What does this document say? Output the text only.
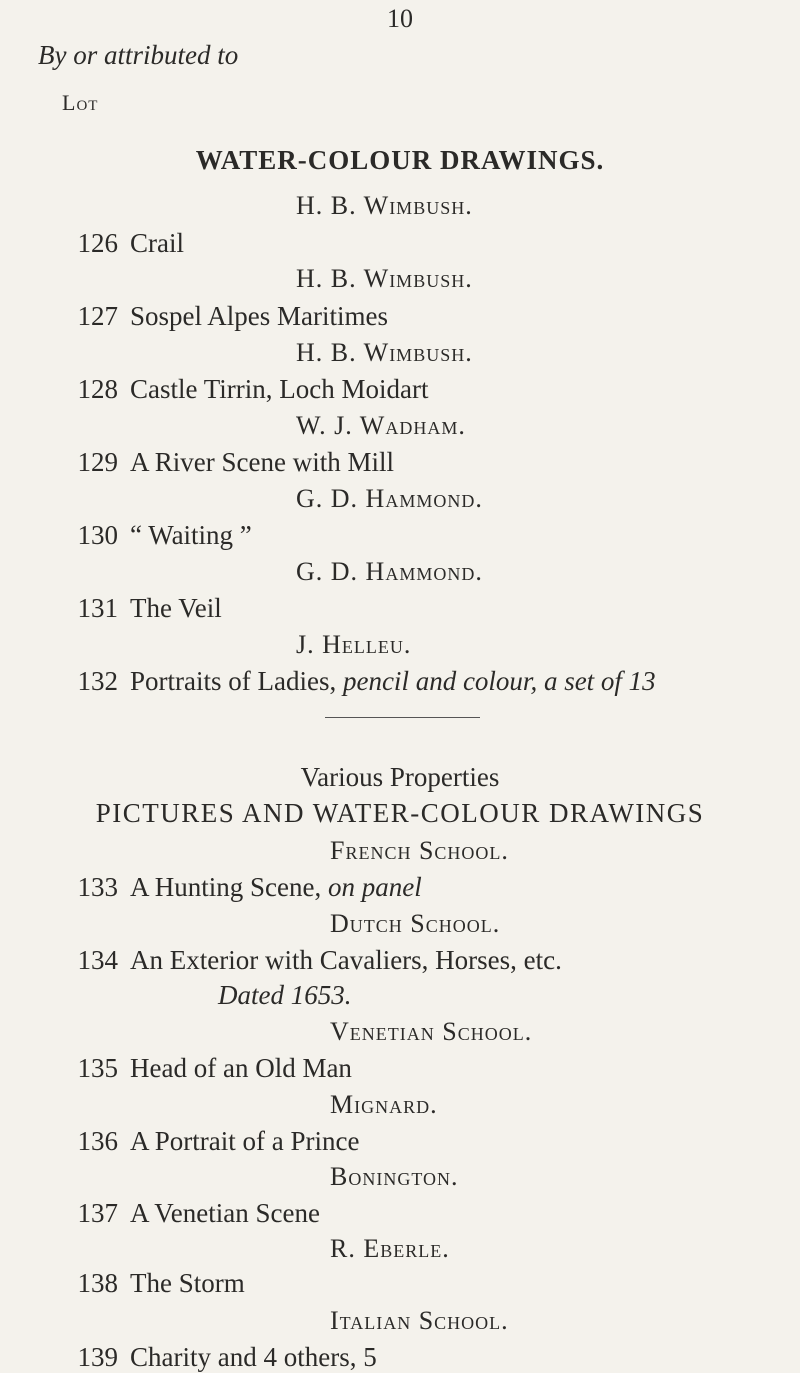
10
By or attributed to
Lot
WATER-COLOUR DRAWINGS.
H. B. Wimbush.
126 Crail
H. B. Wimbush.
127 Sospel Alpes Maritimes
H. B. Wimbush.
128 Castle Tirrin, Loch Moidart
W. J. Wadham.
129 A River Scene with Mill
G. D. Hammond.
130 “ Waiting ”
G. D. Hammond.
131 The Veil
J. Helleu.
132 Portraits of Ladies, pencil and colour, a set of 13
Various Properties
PICTURES AND WATER-COLOUR DRAWINGS
French School.
133 A Hunting Scene, on panel
Dutch School.
134 An Exterior with Cavaliers, Horses, etc.
Dated 1653.
Venetian School.
135 Head of an Old Man
Mignard.
136 A Portrait of a Prince
Bonington.
137 A Venetian Scene
R. Eberle.
138 The Storm
Italian School.
139 Charity and 4 others, 5
